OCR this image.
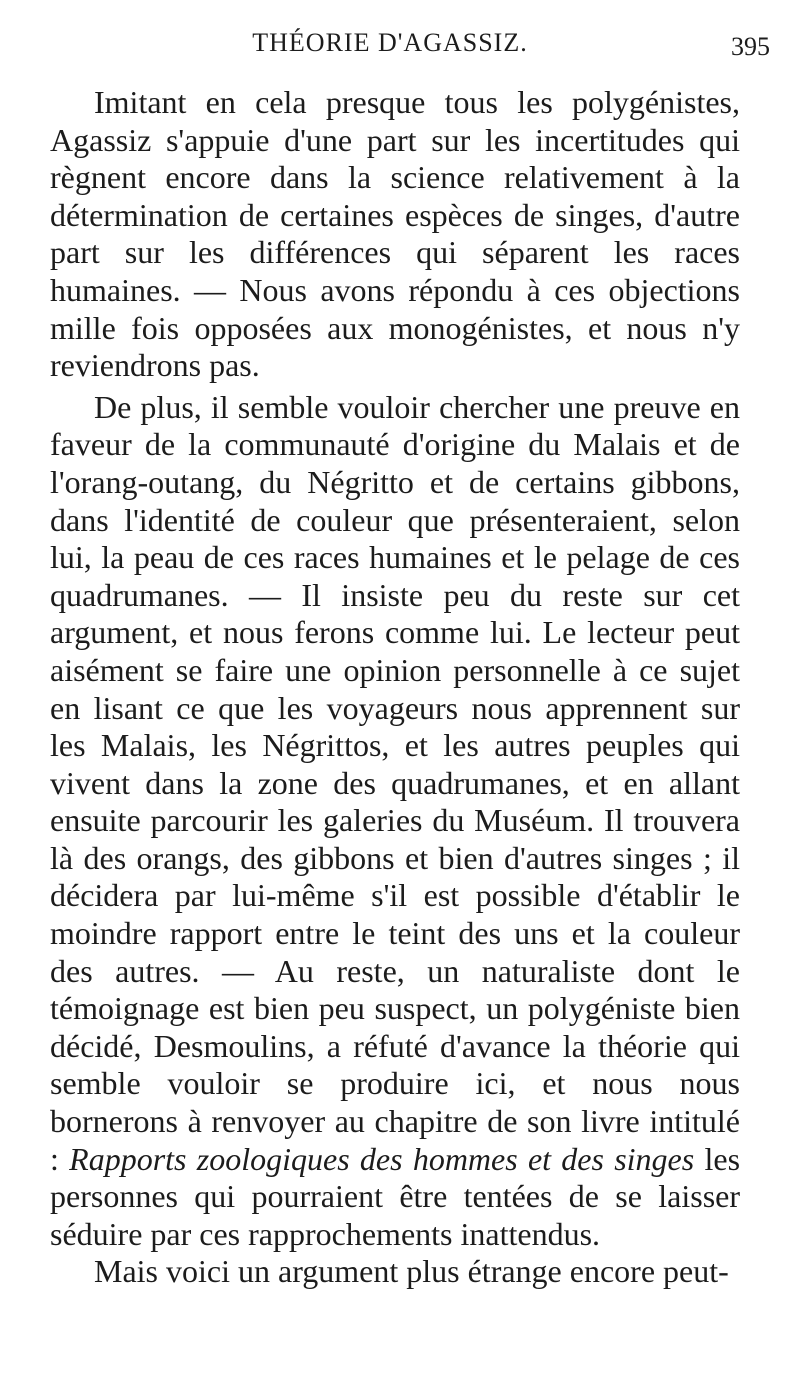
THÉORIE D'AGASSIZ.	395

Imitant en cela presque tous les polygénistes, Agassiz s'appuie d'une part sur les incertitudes qui règnent encore dans la science relativement à la détermination de certaines espèces de singes, d'autre part sur les différences qui séparent les races humaines. — Nous avons répondu à ces objections mille fois opposées aux monogénistes, et nous n'y reviendrons pas.

De plus, il semble vouloir chercher une preuve en faveur de la communauté d'origine du Malais et de l'orang-outang, du Négritto et de certains gibbons, dans l'identité de couleur que présenteraient, selon lui, la peau de ces races humaines et le pelage de ces quadrumanes. — Il insiste peu du reste sur cet argument, et nous ferons comme lui. Le lecteur peut aisément se faire une opinion personnelle à ce sujet en lisant ce que les voyageurs nous apprennent sur les Malais, les Négrittos, et les autres peuples qui vivent dans la zone des quadrumanes, et en allant ensuite parcourir les galeries du Muséum. Il trouvera là des orangs, des gibbons et bien d'autres singes ; il décidera par lui-même s'il est possible d'établir le moindre rapport entre le teint des uns et la couleur des autres. — Au reste, un naturaliste dont le témoignage est bien peu suspect, un polygéniste bien décidé, Desmoulins, a réfuté d'avance la théorie qui semble vouloir se produire ici, et nous nous bornerons à renvoyer au chapitre de son livre intitulé : Rapports zoologiques des hommes et des singes les personnes qui pourraient être tentées de se laisser séduire par ces rapprochements inattendus.

Mais voici un argument plus étrange encore peut-
